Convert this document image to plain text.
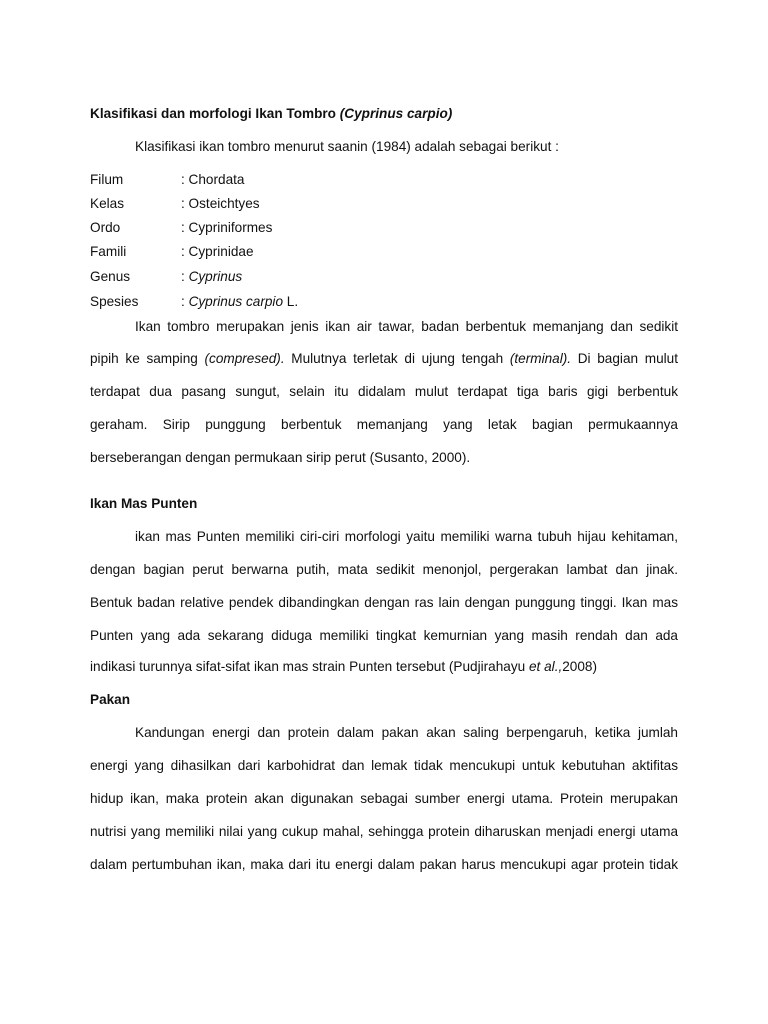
Klasifikasi dan morfologi Ikan Tombro (Cyprinus carpio)
Klasifikasi ikan tombro menurut saanin (1984) adalah sebagai berikut :
Filum	: Chordata
Kelas	: Osteichtyes
Ordo	: Cypriniformes
Famili	: Cyprinidae
Genus	: Cyprinus
Spesies	: Cyprinus carpio L.
Ikan tombro merupakan jenis ikan air tawar, badan berbentuk memanjang dan sedikit
pipih ke samping (compresed). Mulutnya terletak di ujung tengah (terminal). Di bagian mulut
terdapat dua pasang sungut, selain itu didalam mulut terdapat tiga baris gigi berbentuk
geraham. Sirip punggung berbentuk memanjang yang letak bagian permukaannya
berseberangan dengan permukaan sirip perut (Susanto, 2000).
Ikan Mas Punten
ikan mas Punten memiliki ciri-ciri morfologi yaitu memiliki warna tubuh hijau kehitaman,
dengan bagian perut berwarna putih, mata sedikit menonjol, pergerakan lambat dan jinak.
Bentuk badan relative pendek dibandingkan dengan ras lain dengan punggung tinggi. Ikan mas
Punten yang ada sekarang diduga memiliki tingkat kemurnian yang masih rendah dan ada
indikasi turunnya sifat-sifat ikan mas strain Punten tersebut (Pudjirahayu et al.,2008)
Pakan
Kandungan energi dan protein dalam pakan akan saling berpengaruh, ketika jumlah
energi yang dihasilkan dari karbohidrat dan lemak tidak mencukupi untuk kebutuhan aktifitas
hidup ikan, maka protein akan digunakan sebagai sumber energi utama. Protein merupakan
nutrisi yang memiliki nilai yang cukup mahal, sehingga protein diharuskan menjadi energi utama
dalam pertumbuhan ikan, maka dari itu energi dalam pakan harus mencukupi agar protein tidak
